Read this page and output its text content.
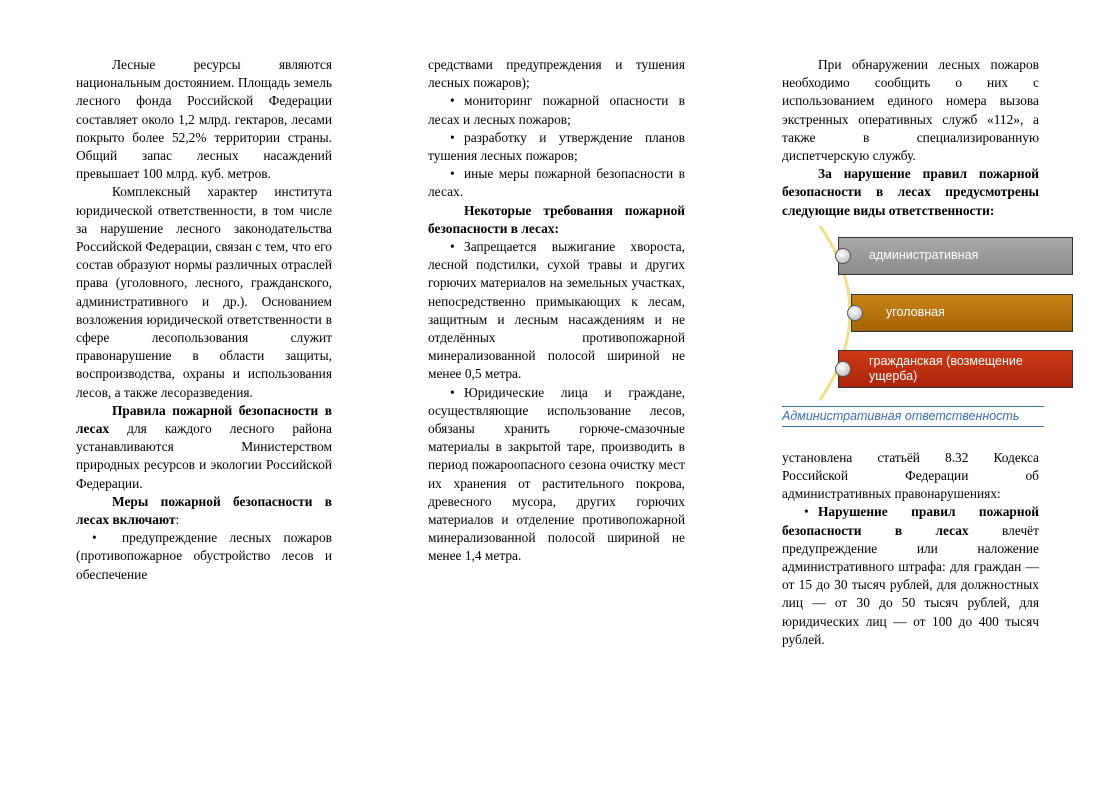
Лесные ресурсы являются национальным достоянием. Площадь земель лесного фонда Российской Федерации составляет около 1,2 млрд. гектаров, лесами покрыто более 52,2% территории страны. Общий запас лесных насаждений превышает 100 млрд. куб. метров.

Комплексный характер института юридической ответственности, в том числе за нарушение лесного законодательства Российской Федерации, связан с тем, что его состав образуют нормы различных отраслей права (уголовного, лесного, гражданского, административного и др.). Основанием возложения юридической ответственности в сфере лесопользования служит правонарушение в области защиты, воспроизводства, охраны и использования лесов, а также лесоразведения.

Правила пожарной безопасности в лесах для каждого лесного района устанавливаются Министерством природных ресурсов и экологии Российской Федерации.

Меры пожарной безопасности в лесах включают:

• предупреждение лесных пожаров (противопожарное обустройство лесов и обеспечение

средствами предупреждения и тушения лесных пожаров);

• мониторинг пожарной опасности в лесах и лесных пожаров;

• разработку и утверждение планов тушения лесных пожаров;

• иные меры пожарной безопасности в лесах.

Некоторые требования пожарной безопасности в лесах:

• Запрещается выжигание хвороста, лесной подстилки, сухой травы и других горючих материалов на земельных участках, непосредственно примыкающих к лесам, защитным и лесным насаждениям и не отделённых противопожарной минерализованной полосой шириной не менее 0,5 метра.

• Юридические лица и граждане, осуществляющие использование лесов, обязаны хранить горюче-смазочные материалы в закрытой таре, производить в период пожароопасного сезона очистку мест их хранения от растительного покрова, древесного мусора, других горючих материалов и отделение противопожарной минерализованной полосой шириной не менее 1,4 метра.

При обнаружении лесных пожаров необходимо сообщить о них с использованием единого номера вызова экстренных оперативных служб «112», а также в специализированную диспетчерскую службу.

За нарушение правил пожарной безопасности в лесах предусмотрены следующие виды ответственности:

административная
уголовная
гражданская (возмещение ущерба)
Административная ответственность

установлена статьёй 8.32 Кодекса Российской Федерации об административных правонарушениях:

• Нарушение правил пожарной безопасности в лесах влечёт предупреждение или наложение административного штрафа: для граждан — от 15 до 30 тысяч рублей, для должностных лиц — от 30 до 50 тысяч рублей, для юридических лиц — от 100 до 400 тысяч рублей.
